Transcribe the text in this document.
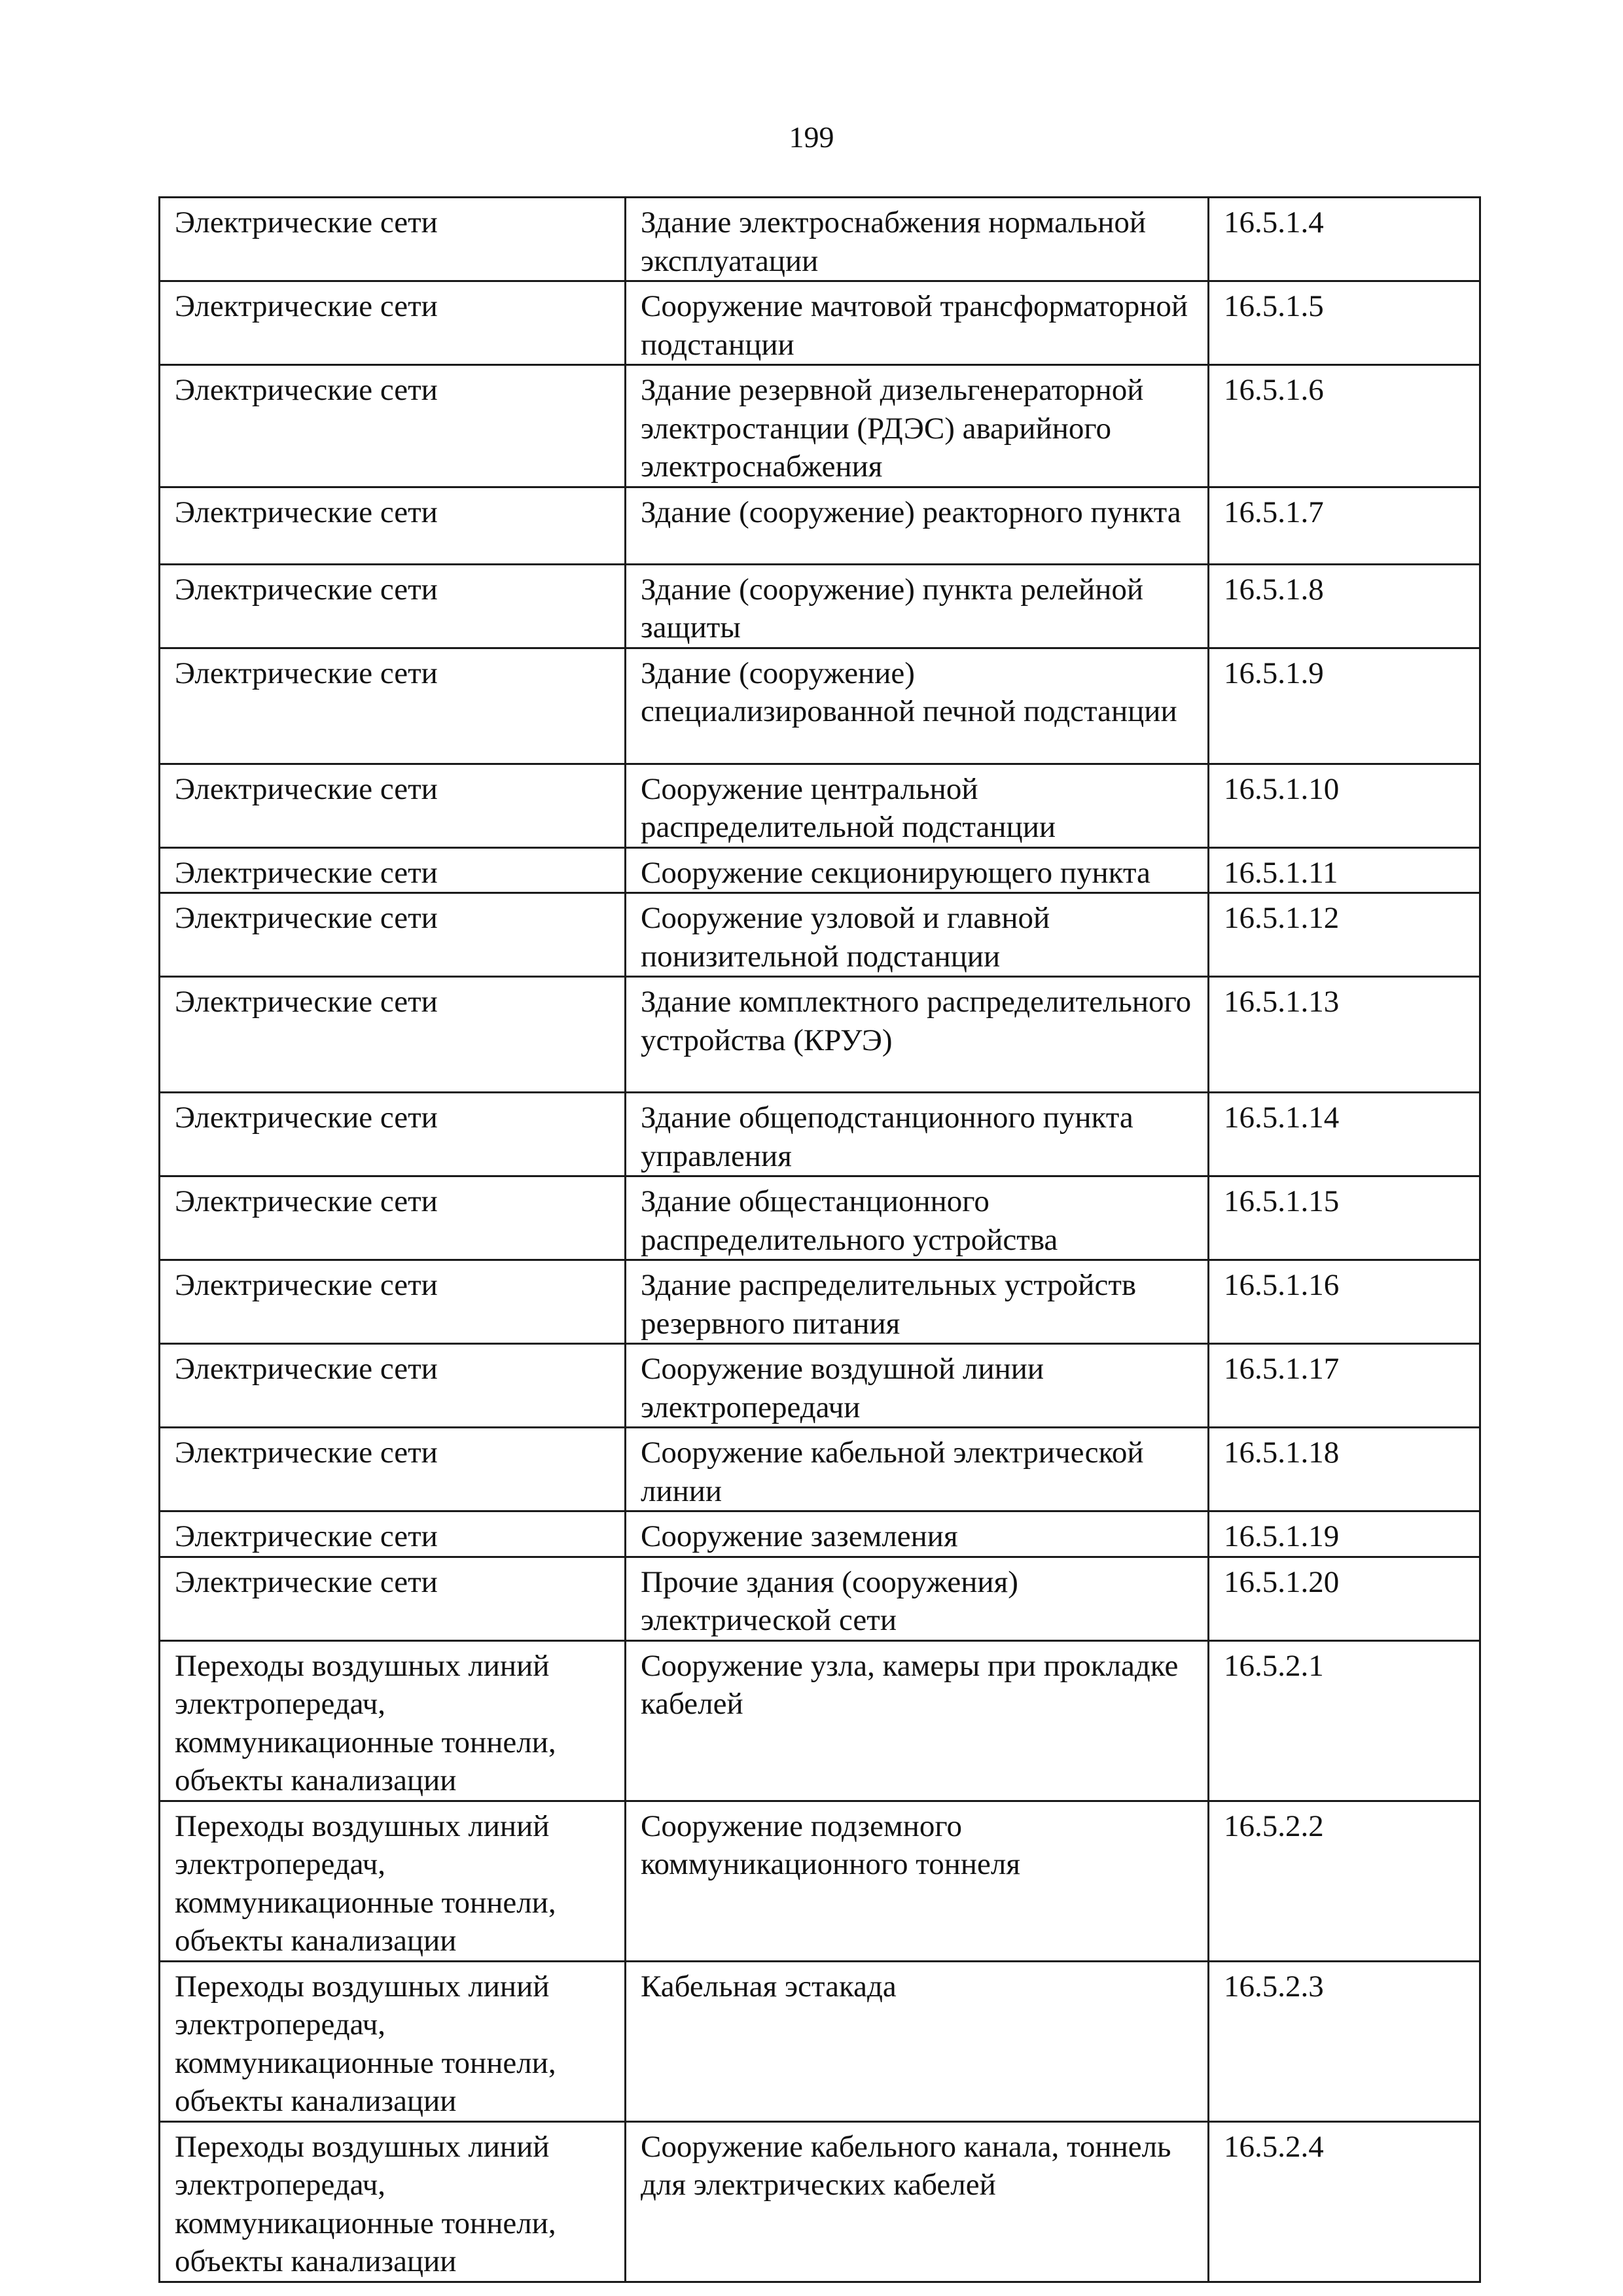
199
Электрические сети	Здание электроснабжения нормальной эксплуатации	16.5.1.4
Электрические сети	Сооружение мачтовой трансформаторной подстанции	16.5.1.5
Электрические сети	Здание резервной дизельгенераторной электростанции (РДЭС) аварийного электроснабжения	16.5.1.6
Электрические сети	Здание (сооружение) реакторного пункта	16.5.1.7
Электрические сети	Здание (сооружение) пункта релейной защиты	16.5.1.8
Электрические сети	Здание (сооружение) специализированной печной подстанции	16.5.1.9
Электрические сети	Сооружение центральной распределительной подстанции	16.5.1.10
Электрические сети	Сооружение секционирующего пункта	16.5.1.11
Электрические сети	Сооружение узловой и главной понизительной подстанции	16.5.1.12
Электрические сети	Здание комплектного распределительного устройства (КРУЭ)	16.5.1.13
Электрические сети	Здание общеподстанционного пункта управления	16.5.1.14
Электрические сети	Здание общестанционного распределительного устройства	16.5.1.15
Электрические сети	Здание распределительных устройств резервного питания	16.5.1.16
Электрические сети	Сооружение воздушной линии электропередачи	16.5.1.17
Электрические сети	Сооружение кабельной электрической линии	16.5.1.18
Электрические сети	Сооружение заземления	16.5.1.19
Электрические сети	Прочие здания (сооружения) электрической сети	16.5.1.20
Переходы воздушных линий электропередач, коммуникационные тоннели, объекты канализации	Сооружение узла, камеры при прокладке кабелей	16.5.2.1
Переходы воздушных линий электропередач, коммуникационные тоннели, объекты канализации	Сооружение подземного коммуникационного тоннеля	16.5.2.2
Переходы воздушных линий электропередач, коммуникационные тоннели, объекты канализации	Кабельная эстакада	16.5.2.3
Переходы воздушных линий электропередач, коммуникационные тоннели, объекты канализации	Сооружение кабельного канала, тоннель для электрических кабелей	16.5.2.4
